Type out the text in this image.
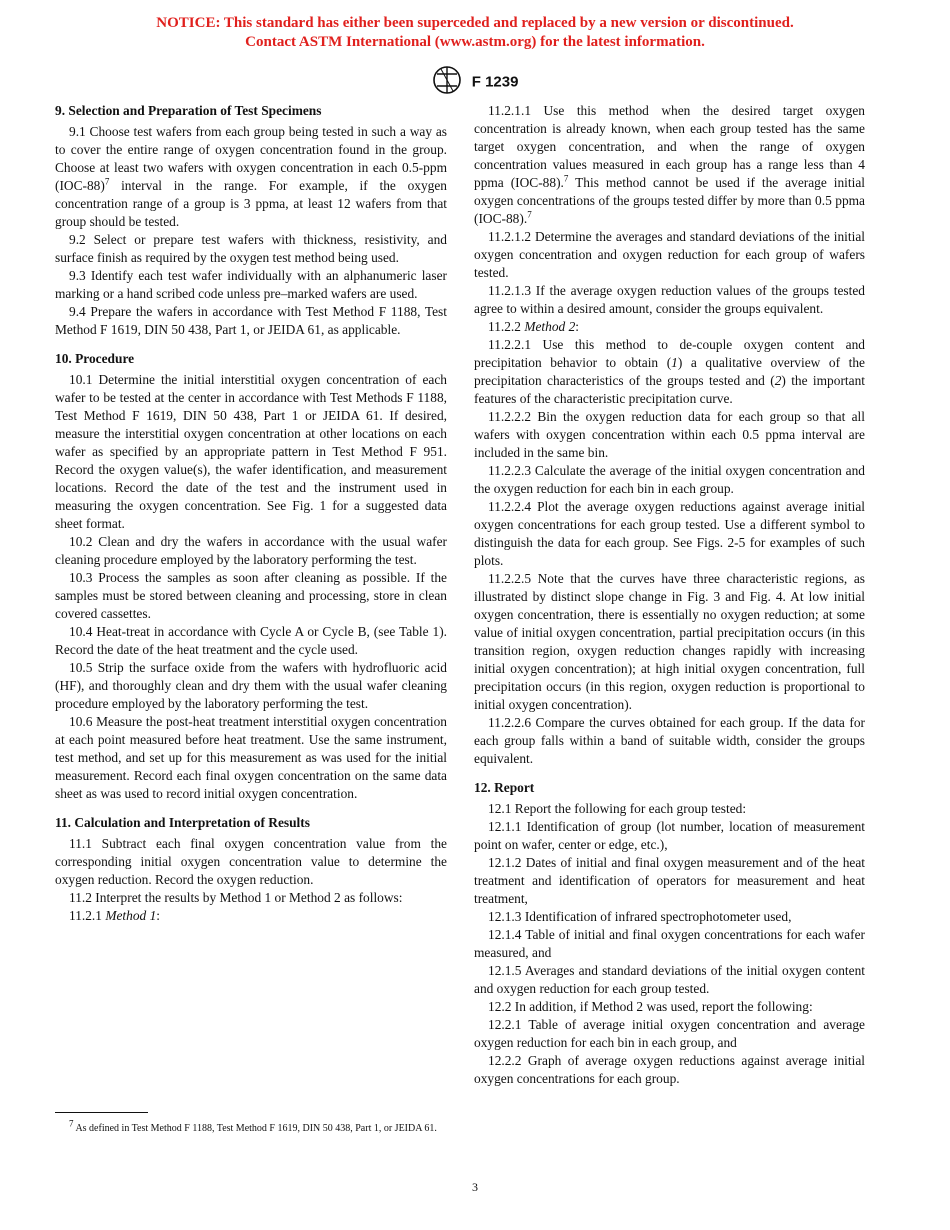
NOTICE: This standard has either been superceded and replaced by a new version or discontinued.
Contact ASTM International (www.astm.org) for the latest information.
F 1239
9. Selection and Preparation of Test Specimens

9.1 Choose test wafers from each group being tested in such a way as to cover the entire range of oxygen concentration found in the group. Choose at least two wafers with oxygen concentration in each 0.5-ppm $(IOC-88)^7$ interval in the range. For example, if the oxygen concentration range of a group is 3 ppma, at least 12 wafers from that group should be tested.

9.2 Select or prepare test wafers with thickness, resistivity, and surface finish as required by the oxygen test method being used.

9.3 Identify each test wafer individually with an alphanumeric laser marking or a hand scribed code unless pre–marked wafers are used.

9.4 Prepare the wafers in accordance with Test Method F 1188, Test Method F 1619, DIN 50 438, Part 1, or JEIDA 61, as applicable.

10. Procedure

10.1 Determine the initial interstitial oxygen concentration of each wafer to be tested at the center in accordance with Test Methods F 1188, Test Method F 1619, DIN 50 438, Part 1 or JEIDA 61. If desired, measure the interstitial oxygen concentration at other locations on each wafer as specified by an appropriate pattern in Test Method F 951. Record the oxygen value(s), the wafer identification, and measurement locations. Record the date of the test and the instrument used in measuring the oxygen concentration. See Fig. 1 for a suggested data sheet format.

10.2 Clean and dry the wafers in accordance with the usual wafer cleaning procedure employed by the laboratory performing the test.

10.3 Process the samples as soon after cleaning as possible. If the samples must be stored between cleaning and processing, store in clean covered cassettes.

10.4 Heat-treat in accordance with Cycle A or Cycle B, (see Table 1). Record the date of the heat treatment and the cycle used.

10.5 Strip the surface oxide from the wafers with hydrofluoric acid (HF), and thoroughly clean and dry them with the usual wafer cleaning procedure employed by the laboratory performing the test.

10.6 Measure the post-heat treatment interstitial oxygen concentration at each point measured before heat treatment. Use the same instrument, test method, and set up for this measurement as was used for the initial measurement. Record each final oxygen concentration on the same data sheet as was used to record initial oxygen concentration.

11. Calculation and Interpretation of Results

11.1 Subtract each final oxygen concentration value from the corresponding initial oxygen concentration value to determine the oxygen reduction. Record the oxygen reduction.

11.2 Interpret the results by Method 1 or Method 2 as follows:

11.2.1 Method 1:

11.2.1.1 Use this method when the desired target oxygen concentration is already known, when each group tested has the same target oxygen concentration, and when the range of oxygen concentration values measured in each group has a range less than 4 ppma (IOC-88).$^7$ This method cannot be used if the average initial oxygen concentrations of the groups tested differ by more than 0.5 ppma (IOC-88).$^7$

11.2.1.2 Determine the averages and standard deviations of the initial oxygen concentration and oxygen reduction for each group of wafers tested.

11.2.1.3 If the average oxygen reduction values of the groups tested agree to within a desired amount, consider the groups equivalent.

11.2.2 Method 2:

11.2.2.1 Use this method to de-couple oxygen content and precipitation behavior to obtain (1) a qualitative overview of the precipitation characteristics of the groups tested and (2) the important features of the characteristic precipitation curve.

11.2.2.2 Bin the oxygen reduction data for each group so that all wafers with oxygen concentration within each 0.5 ppma interval are included in the same bin.

11.2.2.3 Calculate the average of the initial oxygen concentration and the oxygen reduction for each bin in each group.

11.2.2.4 Plot the average oxygen reductions against average initial oxygen concentrations for each group tested. Use a different symbol to distinguish the data for each group. See Figs. 2-5 for examples of such plots.

11.2.2.5 Note that the curves have three characteristic regions, as illustrated by distinct slope change in Fig. 3 and Fig. 4. At low initial oxygen concentration, there is essentially no oxygen reduction; at some value of initial oxygen concentration, partial precipitation occurs (in this transition region, oxygen reduction changes rapidly with increasing initial oxygen concentration); at high initial oxygen concentration, full precipitation occurs (in this region, oxygen reduction is proportional to initial oxygen concentration).

11.2.2.6 Compare the curves obtained for each group. If the data for each group falls within a band of suitable width, consider the groups equivalent.

12. Report

12.1 Report the following for each group tested:

12.1.1 Identification of group (lot number, location of measurement point on wafer, center or edge, etc.),

12.1.2 Dates of initial and final oxygen measurement and of the heat treatment and identification of operators for measurement and heat treatment,

12.1.3 Identification of infrared spectrophotometer used,

12.1.4 Table of initial and final oxygen concentrations for each wafer measured, and

12.1.5 Averages and standard deviations of the initial oxygen content and oxygen reduction for each group tested.

12.2 In addition, if Method 2 was used, report the following:

12.2.1 Table of average initial oxygen concentration and average oxygen reduction for each bin in each group, and

12.2.2 Graph of average oxygen reductions against average initial oxygen concentrations for each group.

$^7$ As defined in Test Method F 1188, Test Method F 1619, DIN 50 438, Part 1, or JEIDA 61.
3
